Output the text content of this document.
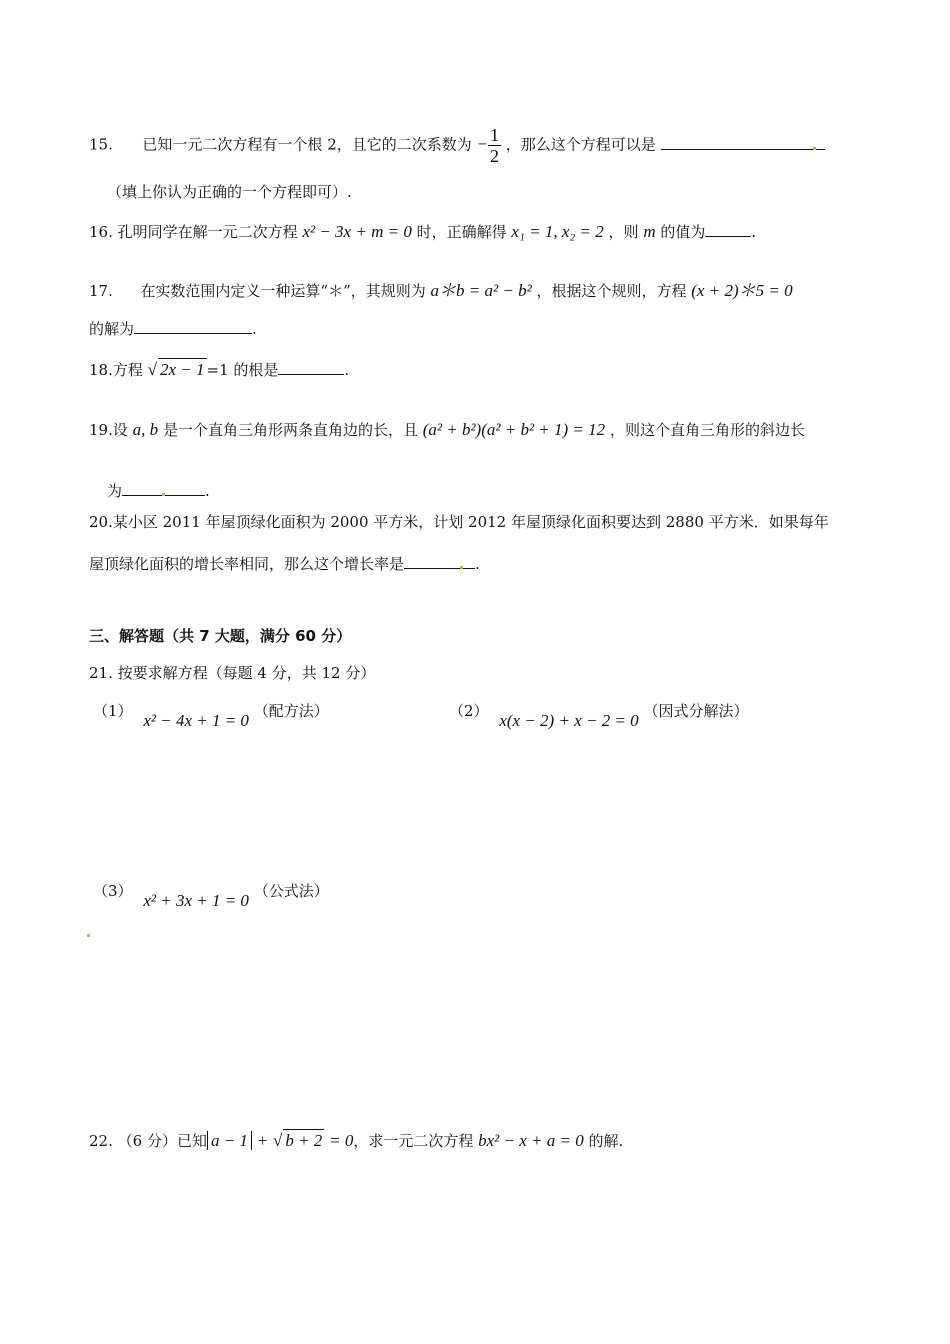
15. 已知一元二次方程有一个根 2，且它的二次系数为 − $\frac{1}{2}$ ，那么这个方程可以是
（填上你认为正确的一个方程即可）.
16. 孔明同学在解一元二次方程 x² − 3x + m = 0 时，正确解得 x₁ = 1, x₂ = 2 ，则 m 的值为	.
17. 在实数范围内定义一种运算“＊”，其规则为 a＊b = a² − b² ，根据这个规则，方程 (x + 2)＊5 = 0
的解为	.
18.方程 √ 2x − 1 =1 的根是	.
19.设 a, b 是一个直角三角形两条直角边的长，且 (a² + b²)(a² + b² + 1) = 12 ，则这个直角三角形的斜边长
为	.
20.某小区 2011 年屋顶绿化面积为 2000 平方米，计划 2012 年屋顶绿化面积要达到 2880 平方米．如果每年
屋顶绿化面积的增长率相同，那么这个增长率是	.
三、解答题（共 7 大题，满分 60 分）
21. 按要求解方程（每题 4 分，共 12 分）
（1） x² − 4x + 1 = 0 （配方法）	（2） x(x − 2) + x − 2 = 0 （因式分解法）
（3） x² + 3x + 1 = 0 （公式法）
22. （6 分）已知 a − 1 + √ b + 2 = 0，求一元二次方程 bx² − x + a = 0 的解.
